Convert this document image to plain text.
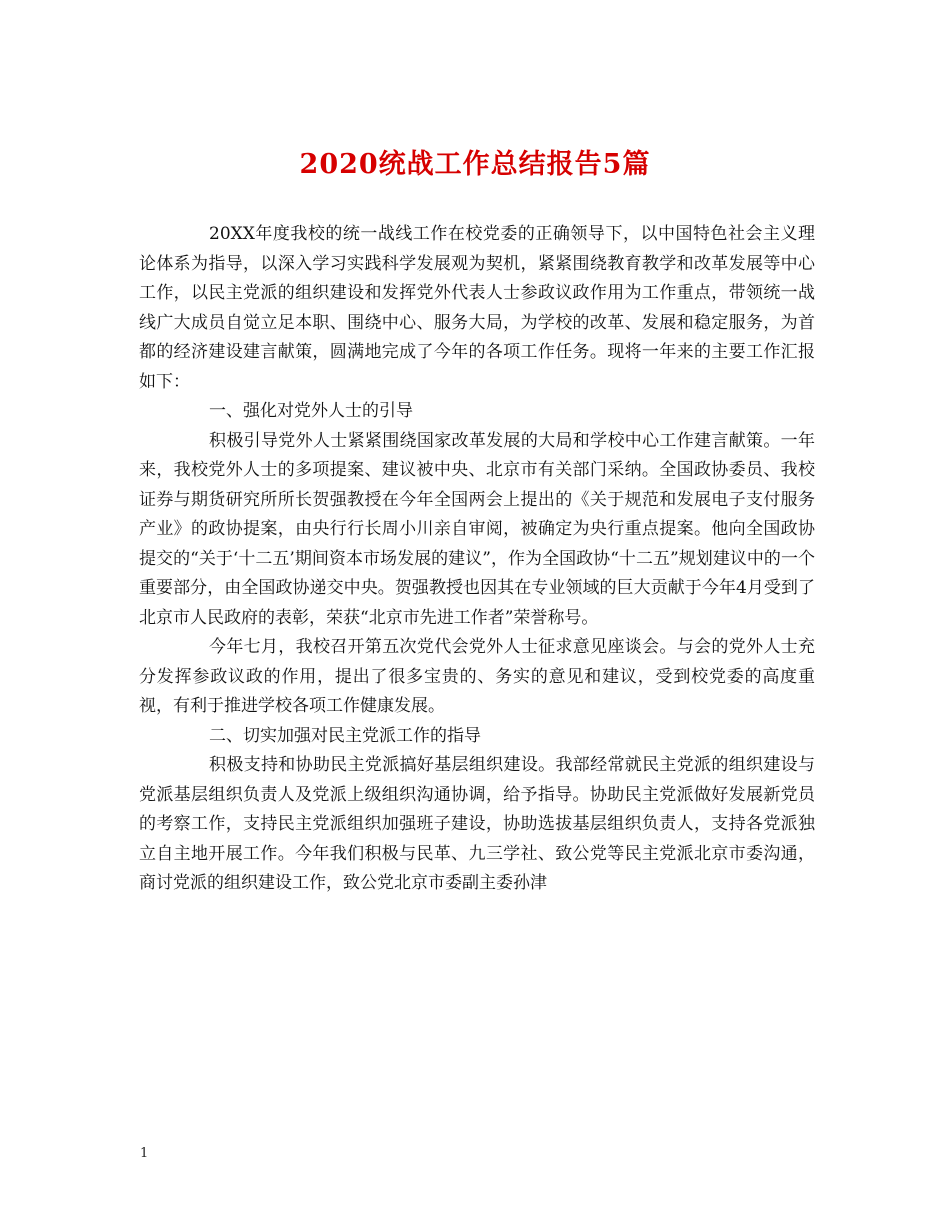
2020统战工作总结报告5篇

20XX年度我校的统一战线工作在校党委的正确领导下，以中国特色社会主义理论体系为指导，以深入学习实践科学发展观为契机，紧紧围绕教育教学和改革发展等中心工作，以民主党派的组织建设和发挥党外代表人士参政议政作用为工作重点，带领统一战线广大成员自觉立足本职、围绕中心、服务大局，为学校的改革、发展和稳定服务，为首都的经济建设建言献策，圆满地完成了今年的各项工作任务。现将一年来的主要工作汇报如下：

一、强化对党外人士的引导

积极引导党外人士紧紧围绕国家改革发展的大局和学校中心工作建言献策。一年来，我校党外人士的多项提案、建议被中央、北京市有关部门采纳。全国政协委员、我校证券与期货研究所所长贺强教授在今年全国两会上提出的《关于规范和发展电子支付服务产业》的政协提案，由央行行长周小川亲自审阅，被确定为央行重点提案。他向全国政协提交的“关于‘十二五’期间资本市场发展的建议”，作为全国政协“十二五”规划建议中的一个重要部分，由全国政协递交中央。贺强教授也因其在专业领域的巨大贡献于今年4月受到了北京市人民政府的表彰，荣获“北京市先进工作者”荣誉称号。

今年七月，我校召开第五次党代会党外人士征求意见座谈会。与会的党外人士充分发挥参政议政的作用，提出了很多宝贵的、务实的意见和建议，受到校党委的高度重视，有利于推进学校各项工作健康发展。

二、切实加强对民主党派工作的指导

积极支持和协助民主党派搞好基层组织建设。我部经常就民主党派的组织建设与党派基层组织负责人及党派上级组织沟通协调，给予指导。协助民主党派做好发展新党员的考察工作，支持民主党派组织加强班子建设，协助选拔基层组织负责人，支持各党派独立自主地开展工作。今年我们积极与民革、九三学社、致公党等民主党派北京市委沟通，商讨党派的组织建设工作，致公党北京市委副主委孙津

1
